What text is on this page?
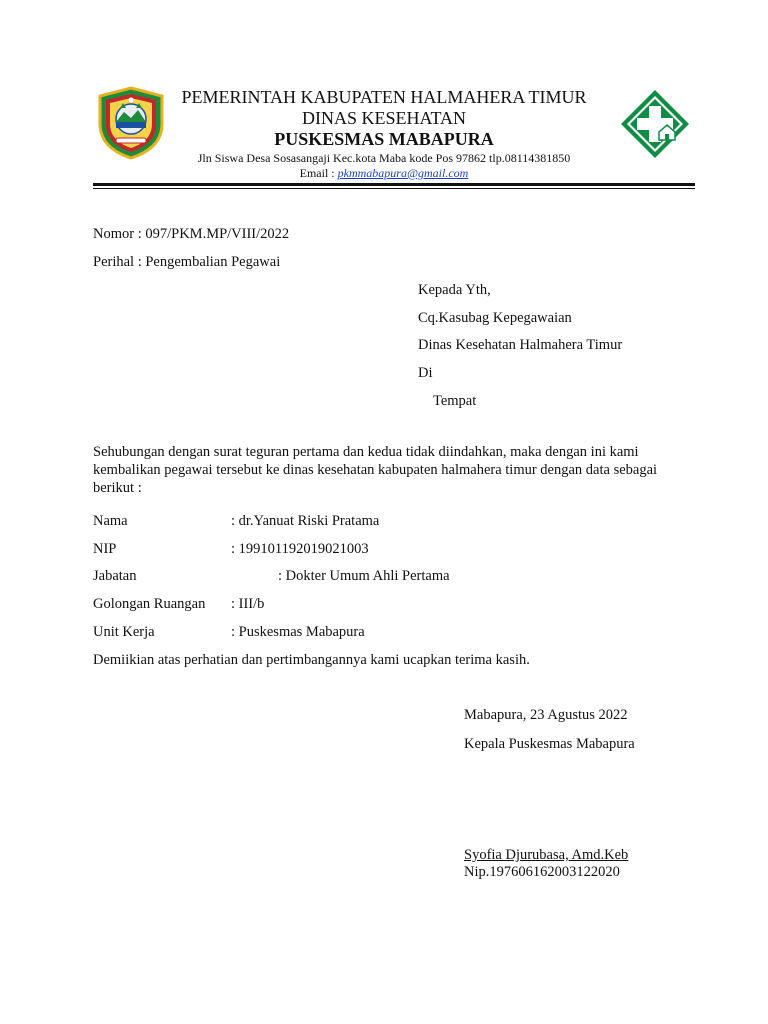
PEMERINTAH KABUPATEN HALMAHERA TIMUR
DINAS KESEHATAN
PUSKESMAS MABAPURA
Jln Siswa Desa Sosasangaji Kec.kota Maba kode Pos 97862 tlp.08114381850
Email : pkmmabapura@gmail.com
Nomor : 097/PKM.MP/VIII/2022
Perihal : Pengembalian Pegawai
Kepada Yth,
Cq.Kasubag Kepegawaian
Dinas Kesehatan Halmahera Timur
Di
Tempat
Sehubungan dengan surat teguran pertama dan kedua tidak diindahkan, maka dengan ini kami kembalikan pegawai tersebut ke dinas kesehatan kabupaten halmahera timur dengan data sebagai berikut :
Nama	: dr.Yanuat Riski Pratama
NIP	: 199101192019021003
Jabatan	: Dokter Umum Ahli Pertama
Golongan Ruangan : III/b
Unit Kerja	: Puskesmas Mabapura
Demiikian atas perhatian dan pertimbangannya kami ucapkan terima kasih.
Mabapura, 23 Agustus 2022
Kepala Puskesmas Mabapura
Syofia Djurubasa, Amd.Keb
Nip.197606162003122020
